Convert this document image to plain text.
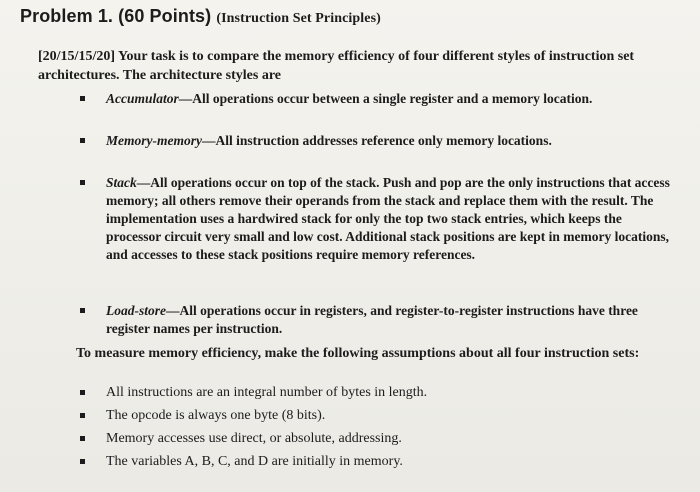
Problem 1. (60 Points) (Instruction Set Principles)
[20/15/15/20] Your task is to compare the memory efficiency of four different styles of instruction set architectures. The architecture styles are
Accumulator—All operations occur between a single register and a memory location.
Memory-memory—All instruction addresses reference only memory locations.
Stack—All operations occur on top of the stack. Push and pop are the only instructions that access memory; all others remove their operands from the stack and replace them with the result. The implementation uses a hardwired stack for only the top two stack entries, which keeps the processor circuit very small and low cost. Additional stack positions are kept in memory locations, and accesses to these stack positions require memory references.
Load-store—All operations occur in registers, and register-to-register instructions have three register names per instruction.
To measure memory efficiency, make the following assumptions about all four instruction sets:
All instructions are an integral number of bytes in length.
The opcode is always one byte (8 bits).
Memory accesses use direct, or absolute, addressing.
The variables A, B, C, and D are initially in memory.
